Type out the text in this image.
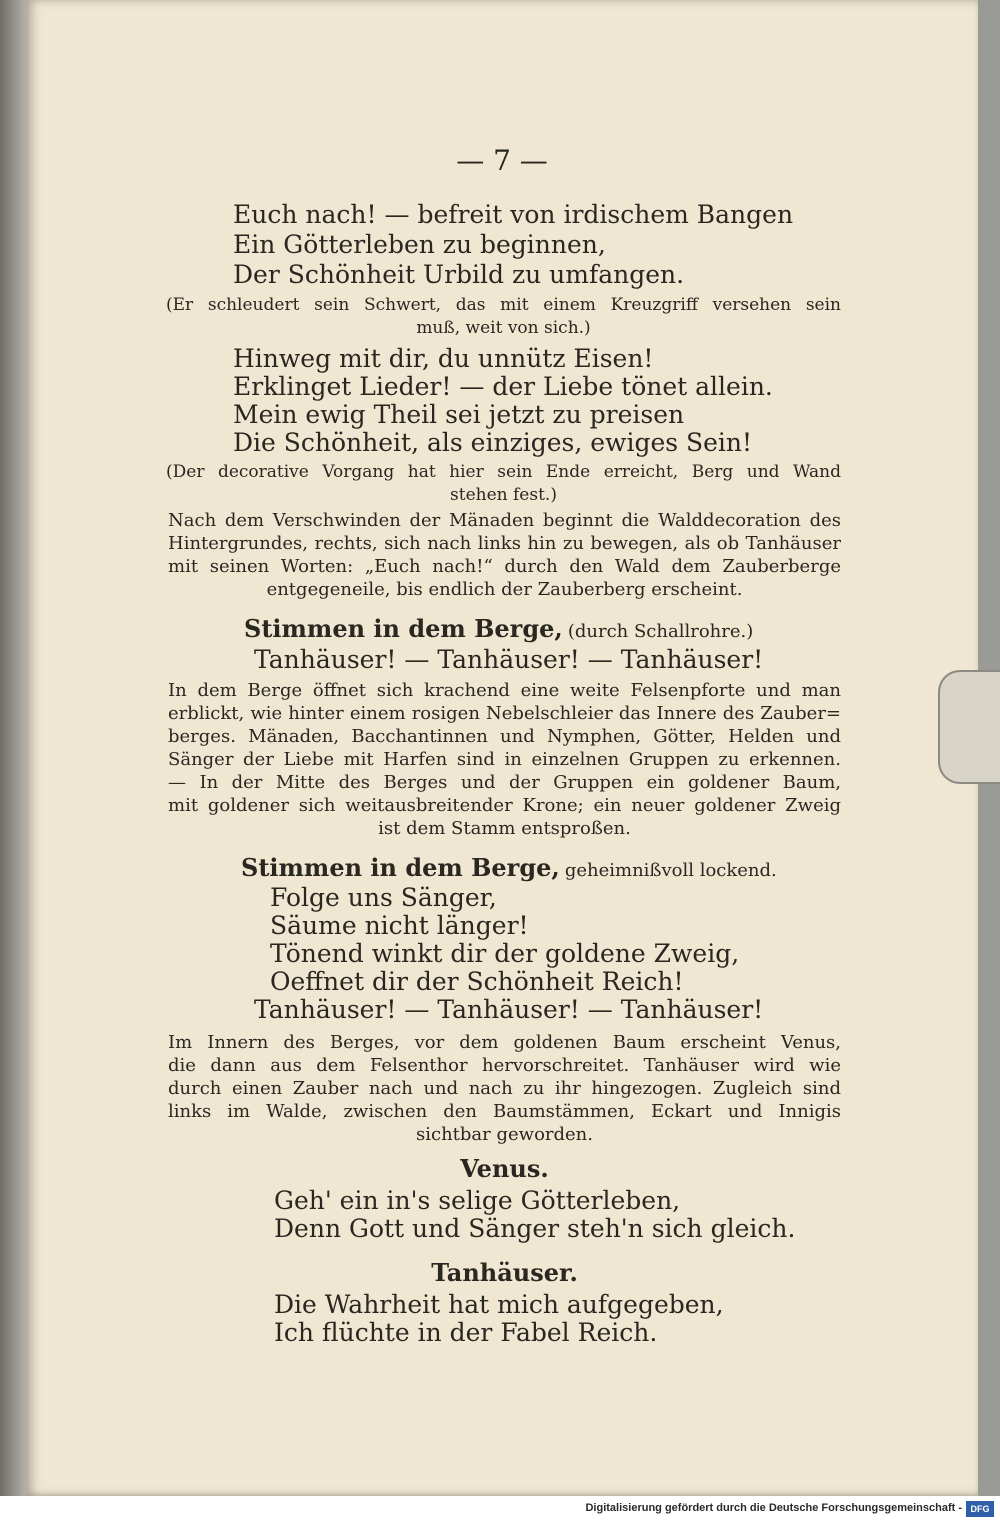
— 7 —
Euch nach! — befreit von irdischem Bangen
Ein Götterleben zu beginnen,
Der Schönheit Urbild zu umfangen.
(Er schleudert sein Schwert, das mit einem Kreuzgriff versehen sein
muß, weit von sich.)
Hinweg mit dir, du unnütz Eisen!
Erklinget Lieder! — der Liebe tönet allein.
Mein ewig Theil sei jetzt zu preisen
Die Schönheit, als einziges, ewiges Sein!
(Der decorative Vorgang hat hier sein Ende erreicht, Berg und Wand
stehen fest.)
Nach dem Verschwinden der Mänaden beginnt die Walddecoration des
Hintergrundes, rechts, sich nach links hin zu bewegen, als ob Tanhäuser
mit seinen Worten: „Euch nach!“ durch den Wald dem Zauberberge
entgegeneile, bis endlich der Zauberberg erscheint.
Stimmen in dem Berge, (durch Schallrohre.)
Tanhäuser! — Tanhäuser! — Tanhäuser!
In dem Berge öffnet sich krachend eine weite Felsenpforte und man
erblickt, wie hinter einem rosigen Nebelschleier das Innere des Zauber=
berges. Mänaden, Bacchantinnen und Nymphen, Götter, Helden und
Sänger der Liebe mit Harfen sind in einzelnen Gruppen zu erkennen.
— In der Mitte des Berges und der Gruppen ein goldener Baum,
mit goldener sich weitausbreitender Krone; ein neuer goldener Zweig
ist dem Stamm entsproßen.
Stimmen in dem Berge, geheimnißvoll lockend.
Folge uns Sänger,
Säume nicht länger!
Tönend winkt dir der goldene Zweig,
Oeffnet dir der Schönheit Reich!
Tanhäuser! — Tanhäuser! — Tanhäuser!
Im Innern des Berges, vor dem goldenen Baum erscheint Venus,
die dann aus dem Felsenthor hervorschreitet. Tanhäuser wird wie
durch einen Zauber nach und nach zu ihr hingezogen. Zugleich sind
links im Walde, zwischen den Baumstämmen, Eckart und Innigis
sichtbar geworden.
Venus.
Geh' ein in's selige Götterleben,
Denn Gott und Sänger steh'n sich gleich.
Tanhäuser.
Die Wahrheit hat mich aufgegeben,
Ich flüchte in der Fabel Reich.
Digitalisierung gefördert durch die Deutsche Forschungsgemeinschaft - DFG
